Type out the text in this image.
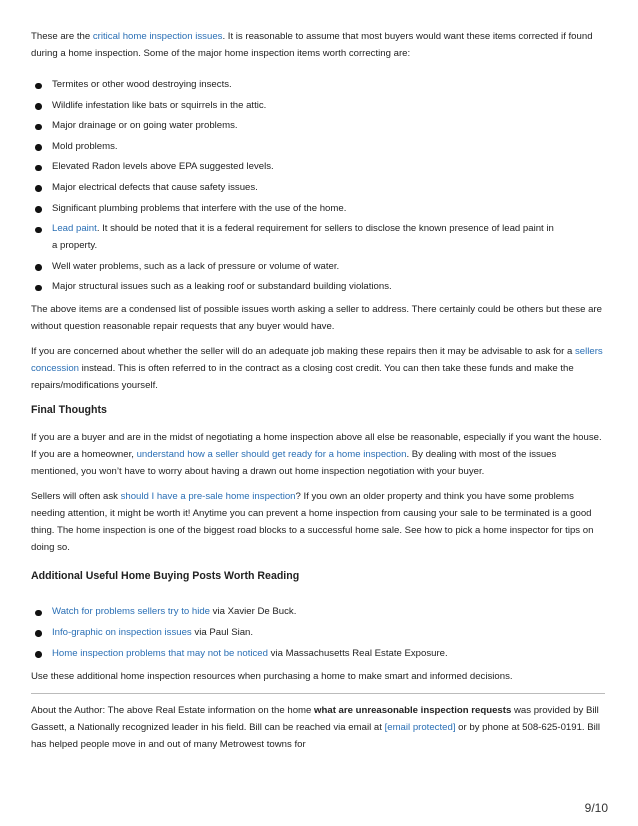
These are the critical home inspection issues. It is reasonable to assume that most buyers would want these items corrected if found during a home inspection. Some of the major home inspection items worth correcting are:

Termites or other wood destroying insects.
Wildlife infestation like bats or squirrels in the attic.
Major drainage or on going water problems.
Mold problems.
Elevated Radon levels above EPA suggested levels.
Major electrical defects that cause safety issues.
Significant plumbing problems that interfere with the use of the home.
Lead paint. It should be noted that it is a federal requirement for sellers to disclose the known presence of lead paint in a property.
Well water problems, such as a lack of pressure or volume of water.
Major structural issues such as a leaking roof or substandard building violations.

The above items are a condensed list of possible issues worth asking a seller to address. There certainly could be others but these are without question reasonable repair requests that any buyer would have.

If you are concerned about whether the seller will do an adequate job making these repairs then it may be advisable to ask for a sellers concession instead. This is often referred to in the contract as a closing cost credit. You can then take these funds and make the repairs/modifications yourself.

Final Thoughts

If you are a buyer and are in the midst of negotiating a home inspection above all else be reasonable, especially if you want the house. If you are a homeowner, understand how a seller should get ready for a home inspection. By dealing with most of the issues mentioned, you won’t have to worry about having a drawn out home inspection negotiation with your buyer.

Sellers will often ask should I have a pre-sale home inspection? If you own an older property and think you have some problems needing attention, it might be worth it! Anytime you can prevent a home inspection from causing your sale to be terminated is a good thing. The home inspection is one of the biggest road blocks to a successful home sale. See how to pick a home inspector for tips on doing so.

Additional Useful Home Buying Posts Worth Reading
Watch for problems sellers try to hide via Xavier De Buck.
Info-graphic on inspection issues via Paul Sian.
Home inspection problems that may not be noticed via Massachusetts Real Estate Exposure.

Use these additional home inspection resources when purchasing a home to make smart and informed decisions.

About the Author: The above Real Estate information on the home what are unreasonable inspection requests was provided by Bill Gassett, a Nationally recognized leader in his field. Bill can be reached via email at [email protected] or by phone at 508-625-0191. Bill has helped people move in and out of many Metrowest towns for

9/10
